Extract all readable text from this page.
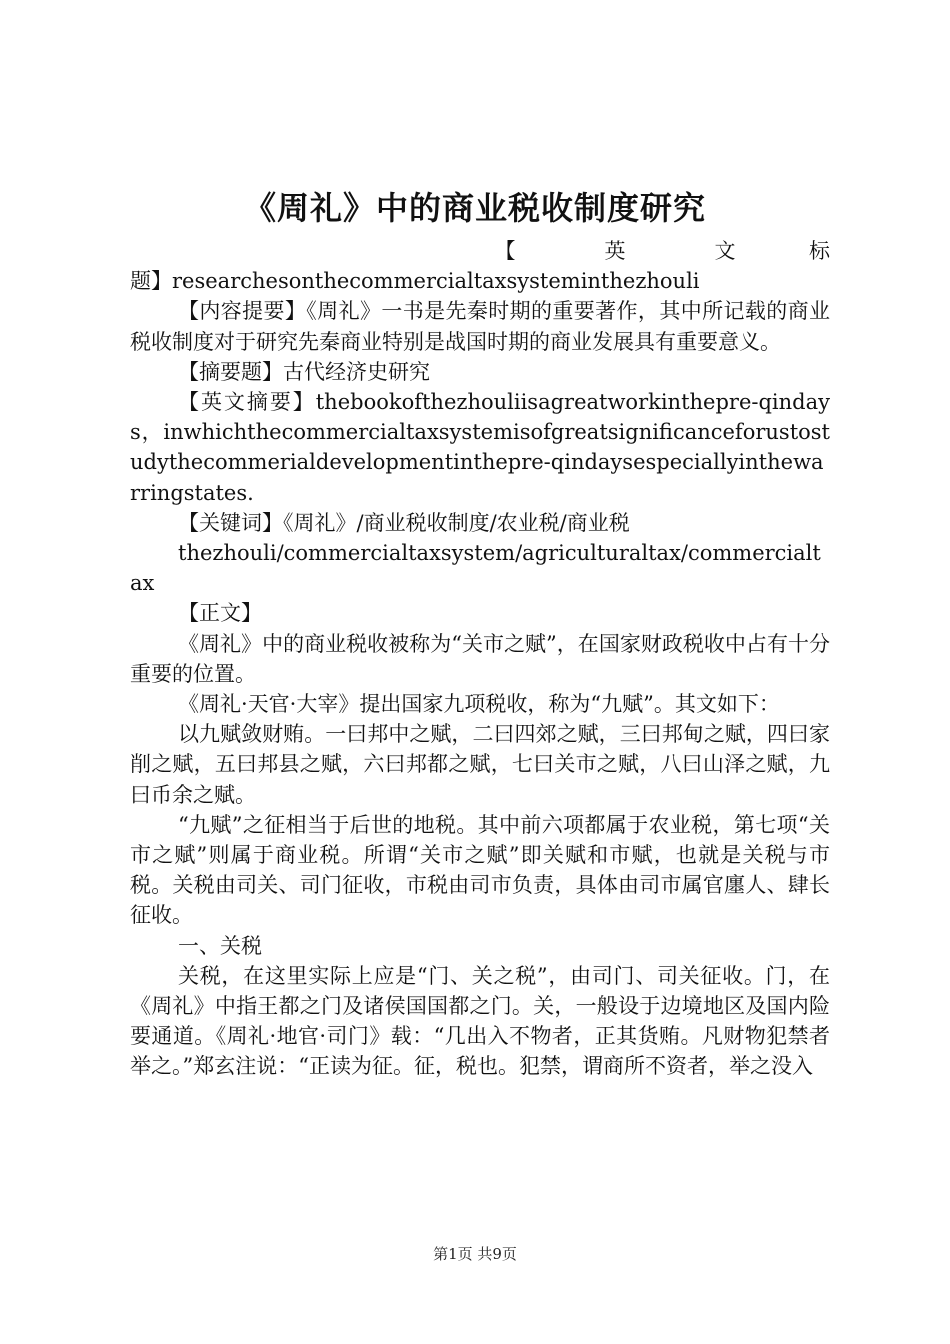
《周礼》中的商业税收制度研究
【	英	文	标

题】researchesonthecommercialtaxsysteminthezhouli

【内容提要】《周礼》一书是先秦时期的重要著作，其中所记载的商业税收制度对于研究先秦商业特别是战国时期的商业发展具有重要意义。

【摘要题】古代经济史研究

【英文摘要】thebookofthezhouliisagreatworkinthepre-qindays，inwhichthecommercialtaxsystemisofgreatsignificanceforustostudythecommerialdevelopmentinthepre-qindaysespeciallyinthewarringstates.

【关键词】《周礼》/商业税收制度/农业税/商业税

thezhouli/commercialtaxsystem/agriculturaltax/commercialtax

【正文】

《周礼》中的商业税收被称为“关市之赋”，在国家财政税收中占有十分重要的位置。

《周礼·天官·大宰》提出国家九项税收，称为“九赋”。其文如下：

以九赋敛财贿。一曰邦中之赋，二曰四郊之赋，三曰邦甸之赋，四曰家削之赋，五曰邦县之赋，六曰邦都之赋，七曰关市之赋，八曰山泽之赋，九曰币余之赋。

“九赋”之征相当于后世的地税。其中前六项都属于农业税，第七项“关市之赋”则属于商业税。所谓“关市之赋”即关赋和市赋，也就是关税与市税。关税由司关、司门征收，市税由司市负责，具体由司市属官廛人、肆长征收。

一、关税

关税，在这里实际上应是“门、关之税”，由司门、司关征收。门，在《周礼》中指王都之门及诸侯国国都之门。关，一般设于边境地区及国内险要通道。《周礼·地官·司门》载：“几出入不物者，正其货贿。凡财物犯禁者举之。”郑玄注说：“正读为征。征，税也。犯禁，谓商所不资者，举之没入

第1页 共9页
